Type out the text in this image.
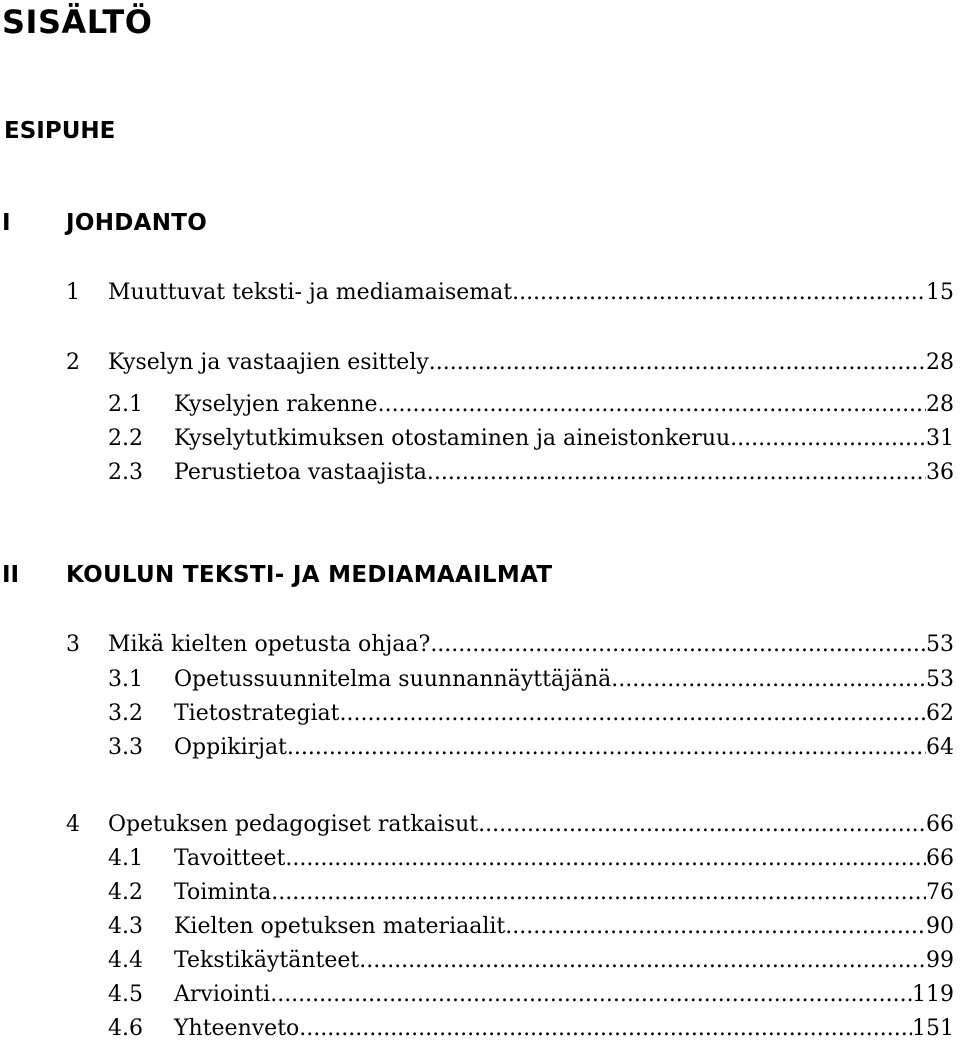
SISÄLTÖ
ESIPUHE
I JOHDANTO
1	Muuttuvat teksti- ja mediamaisemat .....	15
2	Kyselyn ja vastaajien esittely .....	28
2.1	Kyselyjen rakenne .....	28
2.2	Kyselytutkimuksen otostaminen ja aineistonkeruu .....	31
2.3	Perustietoa vastaajista .....	36
II KOULUN TEKSTI- JA MEDIAMAAILMAT
3	Mikä kielten opetusta ohjaa? .....	53
3.1	Opetussuunnitelma suunnannäyttäjänä .....	53
3.2	Tietostrategiat .....	62
3.3	Oppikirjat .....	64
4	Opetuksen pedagogiset ratkaisut .....	66
4.1	Tavoitteet .....	66
4.2	Toiminta .....	76
4.3	Kielten opetuksen materiaalit .....	90
4.4	Tekstikäytänteet .....	99
4.5	Arviointi .....	119
4.6	Yhteenveto .....	151
